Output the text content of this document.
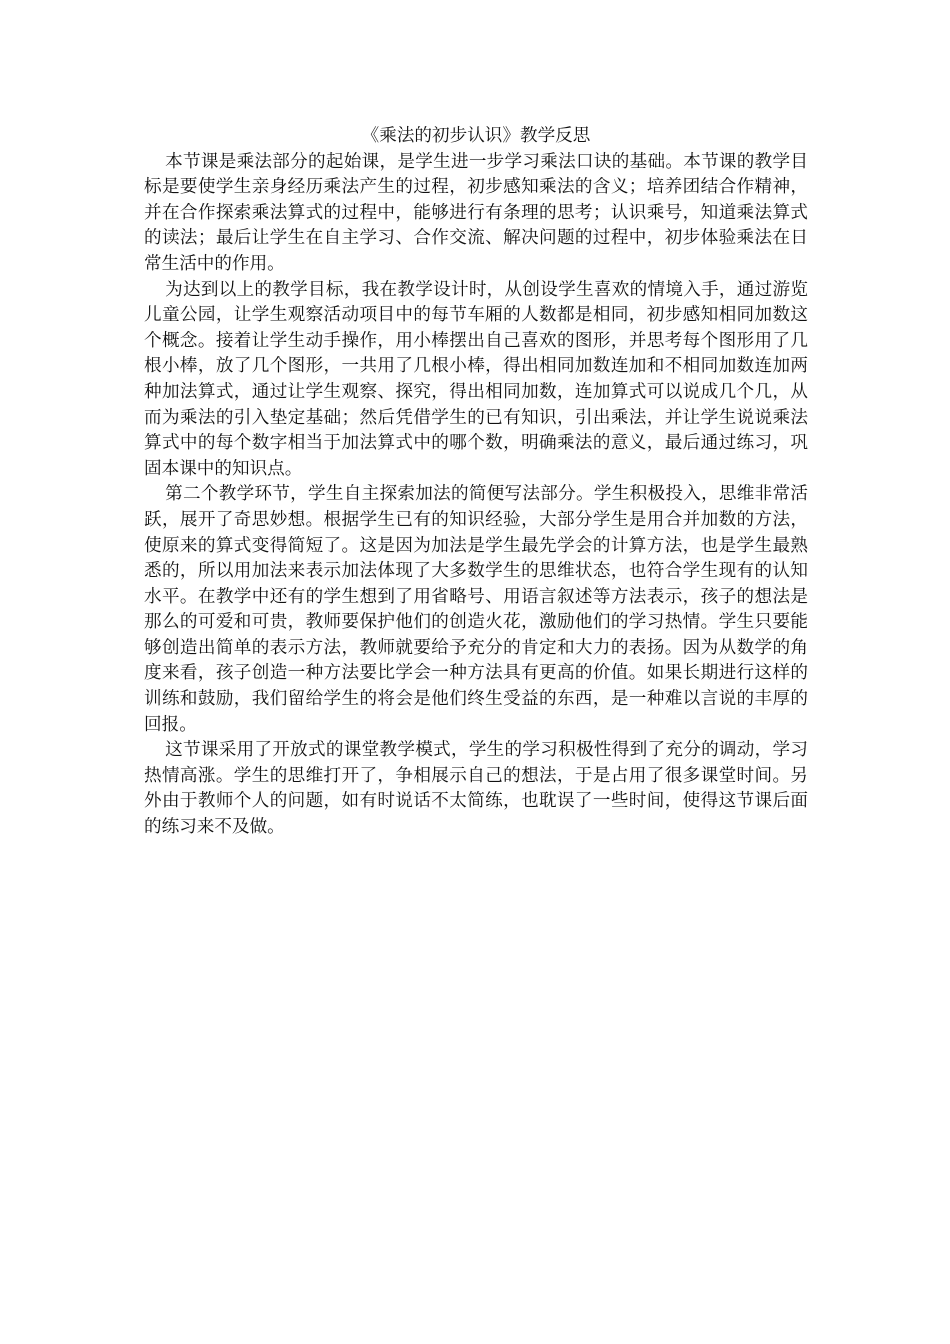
《乘法的初步认识》教学反思

本节课是乘法部分的起始课，是学生进一步学习乘法口诀的基础。本节课的教学目标是要使学生亲身经历乘法产生的过程，初步感知乘法的含义；培养团结合作精神，并在合作探索乘法算式的过程中，能够进行有条理的思考；认识乘号，知道乘法算式的读法；最后让学生在自主学习、合作交流、解决问题的过程中，初步体验乘法在日常生活中的作用。

为达到以上的教学目标，我在教学设计时，从创设学生喜欢的情境入手，通过游览儿童公园，让学生观察活动项目中的每节车厢的人数都是相同，初步感知相同加数这个概念。接着让学生动手操作，用小棒摆出自己喜欢的图形，并思考每个图形用了几根小棒，放了几个图形，一共用了几根小棒，得出相同加数连加和不相同加数连加两种加法算式，通过让学生观察、探究，得出相同加数，连加算式可以说成几个几，从而为乘法的引入垫定基础；然后凭借学生的已有知识，引出乘法，并让学生说说乘法算式中的每个数字相当于加法算式中的哪个数，明确乘法的意义，最后通过练习，巩固本课中的知识点。

第二个教学环节，学生自主探索加法的简便写法部分。学生积极投入，思维非常活跃，展开了奇思妙想。根据学生已有的知识经验，大部分学生是用合并加数的方法，使原来的算式变得简短了。这是因为加法是学生最先学会的计算方法，也是学生最熟悉的，所以用加法来表示加法体现了大多数学生的思维状态，也符合学生现有的认知水平。在教学中还有的学生想到了用省略号、用语言叙述等方法表示，孩子的想法是那么的可爱和可贵，教师要保护他们的创造火花，激励他们的学习热情。学生只要能够创造出简单的表示方法，教师就要给予充分的肯定和大力的表扬。因为从数学的角度来看，孩子创造一种方法要比学会一种方法具有更高的价值。如果长期进行这样的训练和鼓励，我们留给学生的将会是他们终生受益的东西，是一种难以言说的丰厚的回报。

这节课采用了开放式的课堂教学模式，学生的学习积极性得到了充分的调动，学习热情高涨。学生的思维打开了，争相展示自己的想法，于是占用了很多课堂时间。另外由于教师个人的问题，如有时说话不太简练，也耽误了一些时间，使得这节课后面的练习来不及做。
